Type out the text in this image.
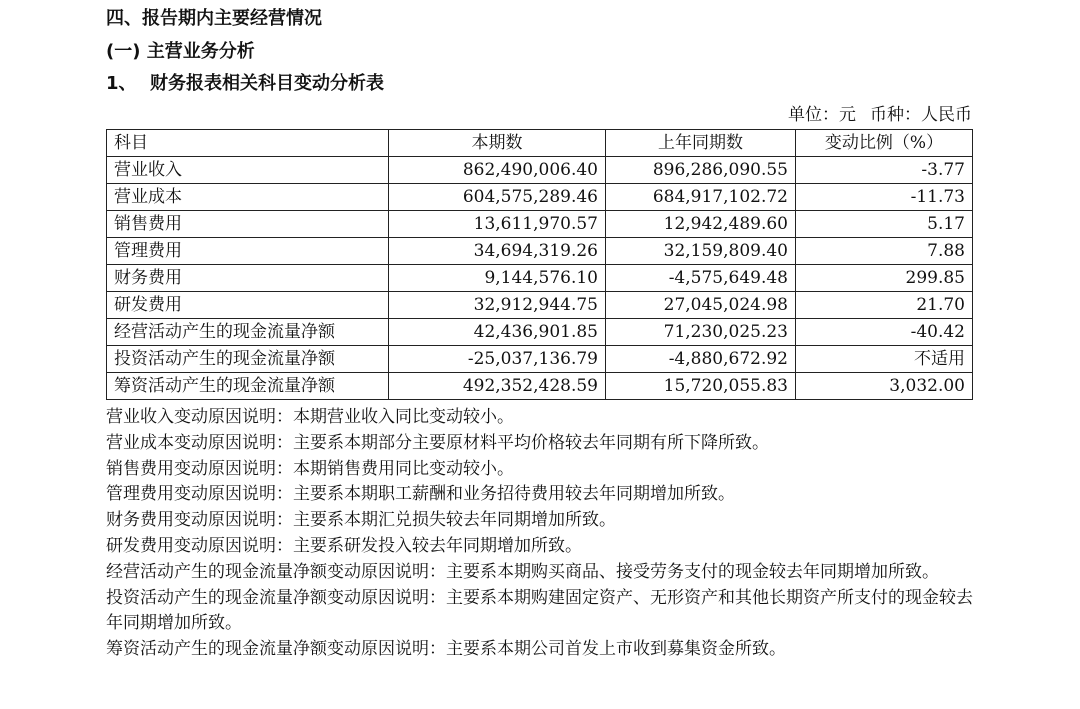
四、报告期内主要经营情况
(一) 主营业务分析
1、 财务报表相关科目变动分析表
单位：元 币种：人民币
科目	本期数	上年同期数	变动比例（%）
营业收入	862,490,006.40	896,286,090.55	-3.77
营业成本	604,575,289.46	684,917,102.72	-11.73
销售费用	13,611,970.57	12,942,489.60	5.17
管理费用	34,694,319.26	32,159,809.40	7.88
财务费用	9,144,576.10	-4,575,649.48	299.85
研发费用	32,912,944.75	27,045,024.98	21.70
经营活动产生的现金流量净额	42,436,901.85	71,230,025.23	-40.42
投资活动产生的现金流量净额	-25,037,136.79	-4,880,672.92	不适用
筹资活动产生的现金流量净额	492,352,428.59	15,720,055.83	3,032.00

营业收入变动原因说明：本期营业收入同比变动较小。

营业成本变动原因说明：主要系本期部分主要原材料平均价格较去年同期有所下降所致。

销售费用变动原因说明：本期销售费用同比变动较小。

管理费用变动原因说明：主要系本期职工薪酬和业务招待费用较去年同期增加所致。

财务费用变动原因说明：主要系本期汇兑损失较去年同期增加所致。

研发费用变动原因说明：主要系研发投入较去年同期增加所致。

经营活动产生的现金流量净额变动原因说明：主要系本期购买商品、接受劳务支付的现金较去年同期增加所致。

投资活动产生的现金流量净额变动原因说明：主要系本期购建固定资产、无形资产和其他长期资产所支付的现金较去年同期增加所致。

筹资活动产生的现金流量净额变动原因说明：主要系本期公司首发上市收到募集资金所致。
